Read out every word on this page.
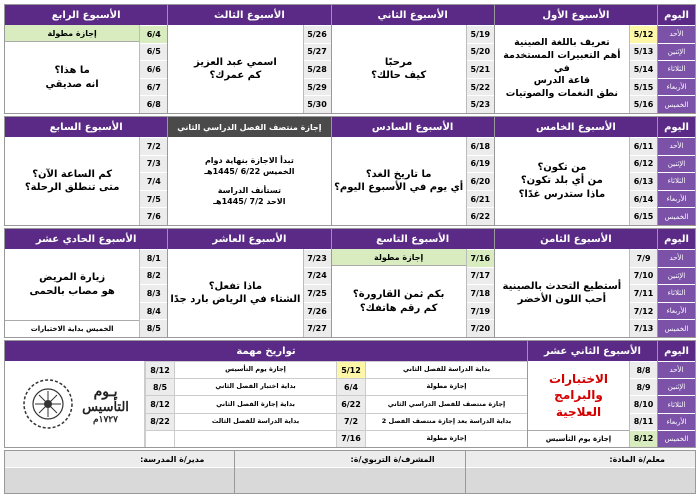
اليوم
الأحد
الإثنين
الثلاثاء
الأربعاء
الخميس
الأسبوع الأول
5/12
5/13
5/14
5/15
5/16
تعريف باللغة الصينية
أهم التعبيرات المستخدمة في
قاعة الدرس
نطق النغمات والصوتيات
الأسبوع الثاني
5/19
5/20
5/21
5/22
5/23
مرحبًا
كيف حالك؟
الأسبوع الثالث
5/26
5/27
5/28
5/29
5/30
اسمي عبد العزيز
كم عمرك؟
الأسبوع الرابع
6/4
6/5
6/6
6/7
6/8
إجازة مطولة
ما هذا؟
انه صديقي
اليوم
الأحد
الإثنين
الثلاثاء
الأربعاء
الخميس
الأسبوع الخامس
6/11
6/12
6/13
6/14
6/15
من تكون؟
من أي بلد تكون؟
ماذا ستدرس غدًا؟
الأسبوع السادس
6/18
6/19
6/20
6/21
6/22
ما تاريخ الغد؟
أي يوم في الأسبوع اليوم؟
إجازة منتصف الفصل الدراسي الثاني
تبدأ الاجازة بنهاية دوام
الخميس 6/22 /1445هـ
تستأنف الدراسة
الاحد 7/2 /1445هـ
الأسبوع السابع
7/2
7/3
7/4
7/5
7/6
كم الساعة الآن؟
متى تنطلق الرحلة؟
اليوم
الأحد
الإثنين
الثلاثاء
الأربعاء
الخميس
الأسبوع الثامن
7/9
7/10
7/11
7/12
7/13
أستطيع التحدث بالصينية
أحب اللون الأخضر
الأسبوع التاسع
7/16
7/17
7/18
7/19
7/20
إجازة مطولة
بكم ثمن القارورة؟
كم رقم هاتفك؟
الأسبوع العاشر
7/23
7/24
7/25
7/26
7/27
ماذا تفعل؟
الشتاء في الرياض بارد جدًا
الأسبوع الحادي عشر
8/1
8/2
8/3
8/4
8/5
زيارة المريض
هو مصاب بالحمى
الخميس بداية الاختبارات
اليوم
الأحد
الإثنين
الثلاثاء
الأربعاء
الخميس
الأسبوع الثاني عشر
8/8
8/9
8/10
8/11
8/12
الاختبارات
والبرامج العلاجية
إجازة يوم التأسيس
تواريخ مهمة
بداية الدراسة للفصل الثاني
5/12
إجازة يوم التأسيس
8/12
إجازة مطولة
6/4
بداية اختبار الفصل الثاني
8/5
إجازة منتصف للفصل الدراسي الثاني
6/22
بداية إجازة الفصل الثاني
8/12
بداية الدراسة بعد إجازة منتصف الفصل 2
7/2
بداية الدراسة للفصل الثالث
8/22
إجازة مطولة
7/16
يـوم
التأسيس
١٧٢٧م
معلم/ة المادة:
المشرف/ة التربوي/ة:
مدير/ة المدرسة:
